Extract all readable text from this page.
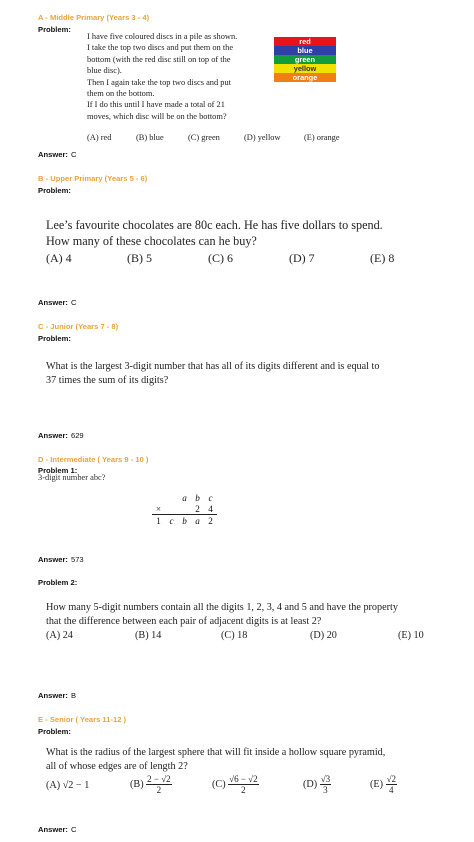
A - Middle Primary (Years 3 - 4)
Problem:
I have five coloured discs in a pile as shown.
I take the top two discs and put them on the
bottom (with the red disc still on top of the
blue disc).
Then I again take the top two discs and put
them on the bottom.
If I do this until I have made a total of 21
moves, which disc will be on the bottom?
red
blue
green
yellow
orange
(A) red	(B) blue	(C) green	(D) yellow	(E) orange
Answer: C
B - Upper Primary (Years 5 - 6)
Problem:
Lee’s favourite chocolates are 80c each. He has five dollars to spend.
How many of these chocolates can he buy?
(A) 4	(B) 5	(C) 6	(D) 7	(E) 8
Answer: C
C - Junior (Years 7 - 8)
Problem:
What is the largest 3-digit number that has all of its digits different and is equal to
37 times the sum of its digits?
Answer: 629
D - Intermediate ( Years 9 - 10 )
Problem 1:
3-digit number abc?
		a	b	c
×			2	4
1	c	b	a	2
Answer: 573
Problem 2:
How many 5-digit numbers contain all the digits 1, 2, 3, 4 and 5 and have the property
that the difference between each pair of adjacent digits is at least 2?
(A) 24	(B) 14	(C) 18	(D) 20	(E) 10
Answer: B
E - Senior ( Years 11-12 )
Problem:
What is the radius of the largest sphere that will fit inside a hollow square pyramid,
all of whose edges are of length 2?
(A) √2 − 1	$(B) \frac{2 - √2}{2}$	$(C) \frac{√6 - √2}{2}$	$(D) \frac{√3}{3}$	$(E) \frac{√2}{4}$
Answer: C
